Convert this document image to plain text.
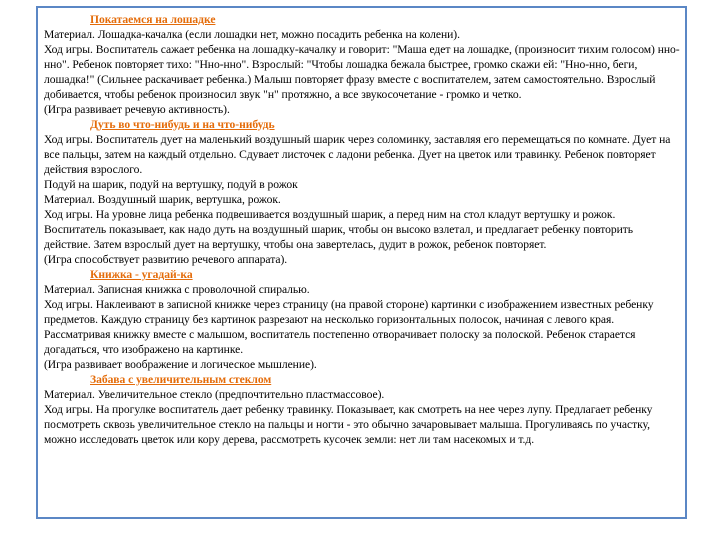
Покатаемся на лошадке

Материал. Лошадка-качалка (если лошадки нет, можно посадить ребенка на колени).

Ход игры. Воспитатель сажает ребенка на лошадку-качалку и говорит: "Маша едет на лошадке, (произносит тихим голосом) нно-нно". Ребенок повторяет тихо: "Нно-нно". Взрослый: "Чтобы лошадка бежала быстрее, громко скажи ей: "Нно-нно, беги, лошадка!" (Сильнее раскачивает ребенка.) Малыш повторяет фразу вместе с воспитателем, затем самостоятельно. Взрослый добивается, чтобы ребенок произносил звук "н" протяжно, а все звукосочетание - громко и четко.

(Игра развивает речевую активность).

Дуть во что-нибудь и на что-нибудь

Ход игры. Воспитатель дует на маленький воздушный шарик через соломинку, заставляя его перемещаться по комнате. Дует на все пальцы, затем на каждый отдельно. Сдувает листочек с ладони ребенка. Дует на цветок или травинку. Ребенок повторяет действия взрослого.

Подуй на шарик, подуй на вертушку, подуй в рожок

Материал. Воздушный шарик, вертушка, рожок.

Ход игры. На уровне лица ребенка подвешивается воздушный шарик, а перед ним на стол кладут вертушку и рожок. Воспитатель показывает, как надо дуть на воздушный шарик, чтобы он высоко взлетал, и предлагает ребенку повторить действие. Затем взрослый дует на вертушку, чтобы она завертелась, дудит в рожок, ребенок повторяет.

(Игра способствует развитию речевого аппарата).

Книжка - угадай-ка

Материал. Записная книжка с проволочной спиралью.

Ход игры. Наклеивают в записной книжке через страницу (на правой стороне) картинки с изображением известных ребенку предметов. Каждую страницу без картинок разрезают на несколько горизонтальных полосок, начиная с левого края. Рассматривая книжку вместе с малышом, воспитатель постепенно отворачивает полоску за полоской. Ребенок старается догадаться, что изображено на картинке.

(Игра развивает воображение и логическое мышление).

Забава с увеличительным стеклом

Материал. Увеличительное стекло (предпочтительно пластмассовое).

Ход игры. На прогулке воспитатель дает ребенку травинку. Показывает, как смотреть на нее через лупу. Предлагает ребенку посмотреть сквозь увеличительное стекло на пальцы и ногти - это обычно зачаровывает малыша. Прогуливаясь по участку, можно исследовать цветок или кору дерева, рассмотреть кусочек земли: нет ли там насекомых и т.д.
